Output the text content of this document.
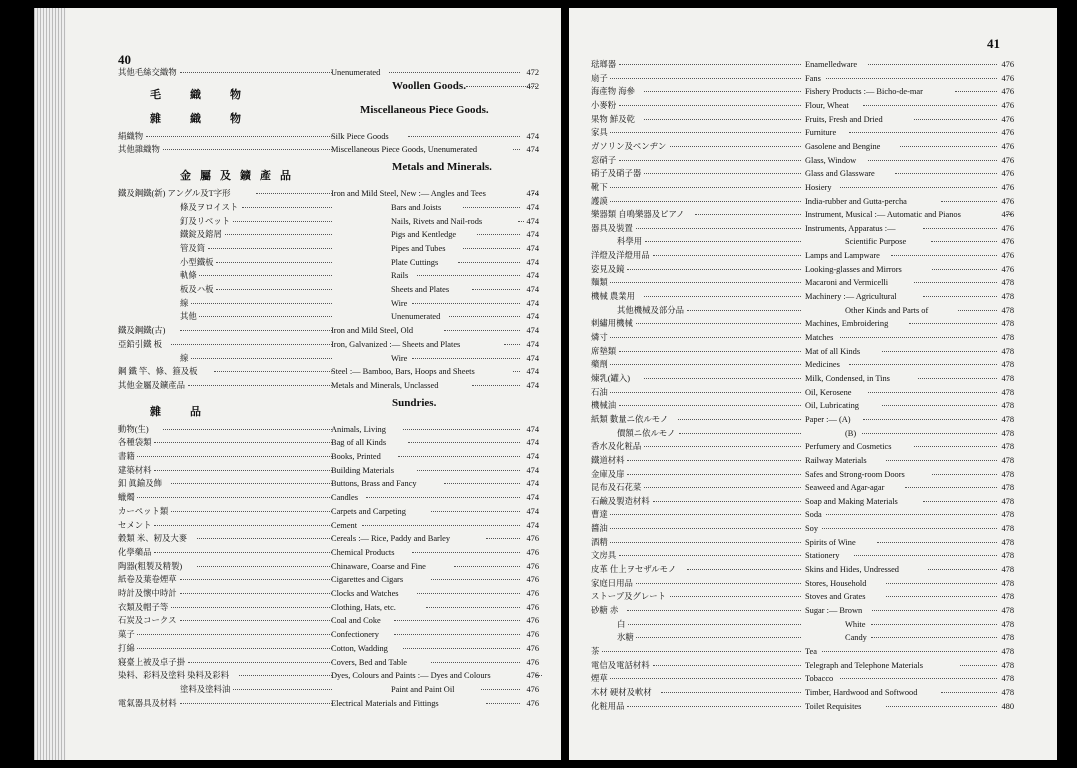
40
其他毛絲交織物	Unenumerated	472
Woollen Goods.	472
毛　織　物
Miscellaneous Piece Goods.
雜　織　物
絹織物	Silk Piece Goods	474
其他雜織物	Miscellaneous Piece Goods, Unenumerated	474
Metals and Minerals.
金屬及鑛產品
鐵及鋼鐵(新) アングル及T字形	Iron and Mild Steel, New :— Angles and Tees	474
條及ヲロイスト	Bars and Joists	474
釘及リベット	Nails, Rivets and Nail-rods	474
鐵錠及鎔屑	Pigs and Kentledge	474
管及筒	Pipes and Tubes	474
小型鐵板	Plate Cuttings	474
軌條	Rails	474
板及ハ板	Sheets and Plates	474
線	Wire	474
其他	Unenumerated	474
鐵及鋼鐵(古)	Iron and Mild Steel, Old	474
亞鉛引鐵 板	Iron, Galvanized :— Sheets and Plates	474
線	Wire	474
鋼 鐵 竿、條、箍及板	Steel :— Bamboo, Bars, Hoops and Sheets	474
其他金屬及鑛產品	Metals and Minerals, Unclassed	474
Sundries.
雜　品
動物(生)	Animals, Living	474
各種袋類	Bag of all Kinds	474
書籍	Books, Printed	474
建築材料	Building Materials	474
釦 眞鍮及飾	Buttons, Brass and Fancy	474
蠟燭	Candles	474
カーペット類	Carpets and Carpeting	474
セメント	Cement	474
穀類 米、籾及大麥	Cereals :— Rice, Paddy and Barley	476
化學藥品	Chemical Products	476
陶器(粗製及精製)	Chinaware, Coarse and Fine	476
紙卷及葉卷煙草	Cigarettes and Cigars	476
時計及懷中時計	Clocks and Watches	476
衣類及帽子等	Clothing, Hats, etc.	476
石炭及コークス	Coal and Coke	476
菓子	Confectionery	476
打綿	Cotton, Wadding	476
寢臺上被及卓子掛	Covers, Bed and Table	476
染料、彩料及塗料 染料及彩料	Dyes, Colours and Paints :— Dyes and Colours	476
塗料及塗料油	Paint and Paint Oil	476
電氣器具及材料	Electrical Materials and Fittings	476
41
琺瑯器	Enamelledware	476
扇子	Fans	476
海產物 海參	Fishery Products :— Bicho-de-mar	476
小麥粉	Flour, Wheat	476
果物 鮮及乾	Fruits, Fresh and Dried	476
家具	Furniture	476
ガソリン及ベンヂン	Gasolene and Bengine	476
窓硝子	Glass, Window	476
硝子及硝子器	Glass and Glassware	476
靴下	Hosiery	476
護謨	India-rubber and Gutta-percha	476
樂器類 自鳴樂器及ピアノ	Instrument, Musical :— Automatic and Pianos	476
器具及裝置	Instruments, Apparatus :—	476
科學用	Scientific Purpose	476
洋燈及洋燈用品	Lamps and Lampware	476
姿見及鏡	Looking-glasses and Mirrors	476
麵類	Macaroni and Vermicelli	478
機械 農業用	Machinery :— Agricultural	478
其他機械及部分品	Other Kinds and Parts of	478
刺繡用機械	Machines, Embroidering	478
燐寸	Matches	478
席墊類	Mat of all Kinds	478
藥劑	Medicines	478
煉乳(罐入)	Milk, Condensed, in Tins	478
石油	Oil, Kerosene	478
機械油	Oil, Lubricating	478
紙類 數量ニ依ルモノ	Paper :— (A)	478
價額ニ依ルモノ	(B)	478
香水及化粧品	Perfumery and Cosmetics	478
鐵道材料	Railway Materials	478
金庫及扉	Safes and Strong-room Doors	478
昆布及石花菜	Seaweed and Agar-agar	478
石鹼及製造材料	Soap and Making Materials	478
曹達	Soda	478
醬油	Soy	478
酒精	Spirits of Wine	478
文房具	Stationery	478
皮革 仕上ヲセザルモノ	Skins and Hides, Undressed	478
家庭日用品	Stores, Household	478
ストーブ及グレート	Stoves and Grates	478
砂糖 赤	Sugar :— Brown	478
白	White	478
氷糖	Candy	478
茶	Tea	478
電信及電話材料	Telegraph and Telephone Materials	478
煙草	Tobacco	478
木材 硬材及軟材	Timber, Hardwood and Softwood	478
化粧用品	Toilet Requisites	480
